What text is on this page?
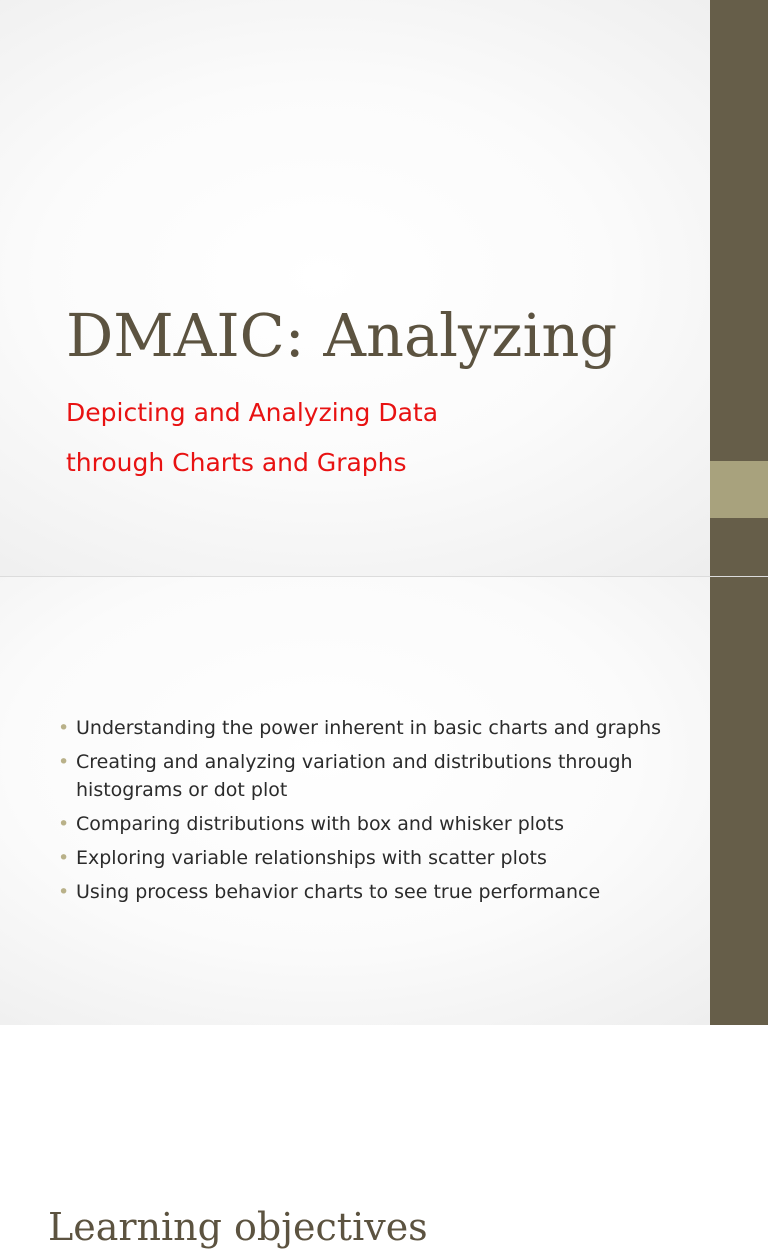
DMAIC: Analyzing
Depicting and Analyzing Data
through Charts and Graphs
Learning objectives
• Understanding the power inherent in basic charts and graphs
• Creating and analyzing variation and distributions through histograms or dot plot
• Comparing distributions with box and whisker plots
• Exploring variable relationships with scatter plots
• Using process behavior charts to see true performance
